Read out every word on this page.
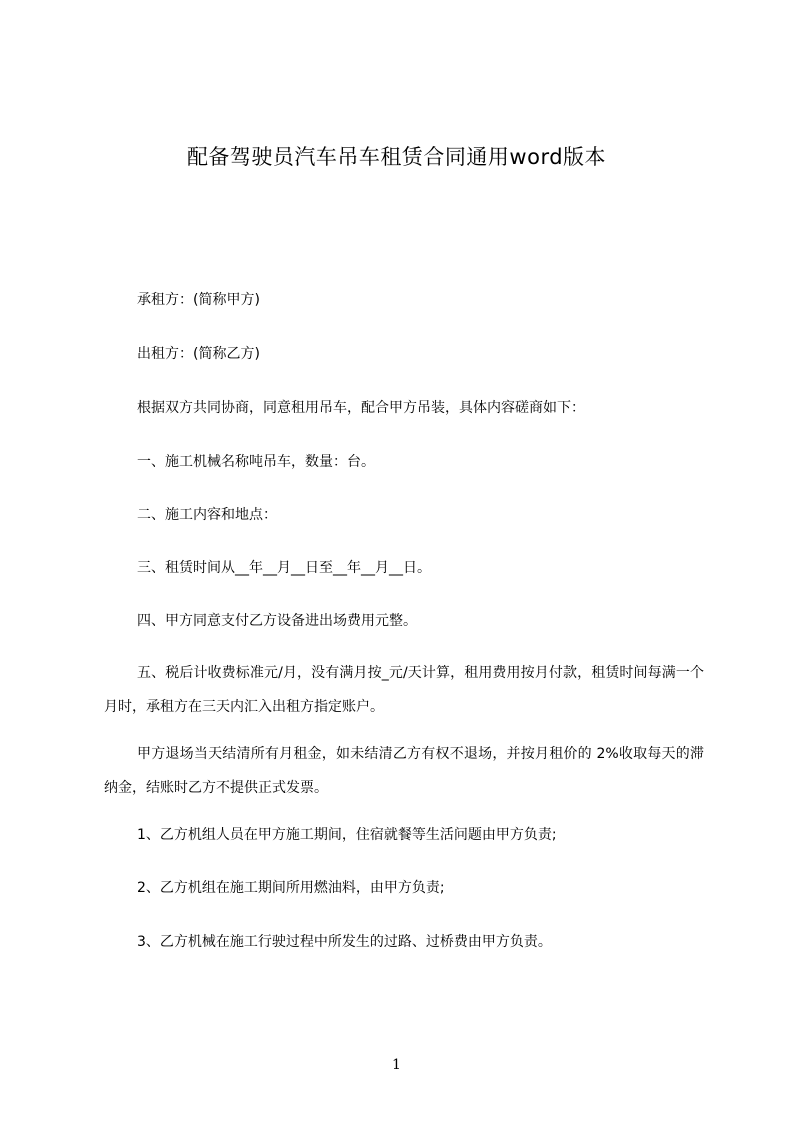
配备驾驶员汽车吊车租赁合同通用word版本
承租方：(简称甲方)
出租方：(简称乙方)
根据双方共同协商，同意租用吊车，配合甲方吊装，具体内容磋商如下：
一、施工机械名称吨吊车，数量：台。
二、施工内容和地点：
三、租赁时间从__年__月__日至__年__月__日。
四、甲方同意支付乙方设备进出场费用元整。
五、税后计收费标准元/月，没有满月按_元/天计算，租用费用按月付款，租赁时间每满一个月时，承租方在三天内汇入出租方指定账户。
甲方退场当天结清所有月租金，如未结清乙方有权不退场，并按月租价的 2%收取每天的滞纳金，结账时乙方不提供正式发票。
1、乙方机组人员在甲方施工期间，住宿就餐等生活问题由甲方负责;
2、乙方机组在施工期间所用燃油料，由甲方负责;
3、乙方机械在施工行驶过程中所发生的过路、过桥费由甲方负责。
1
